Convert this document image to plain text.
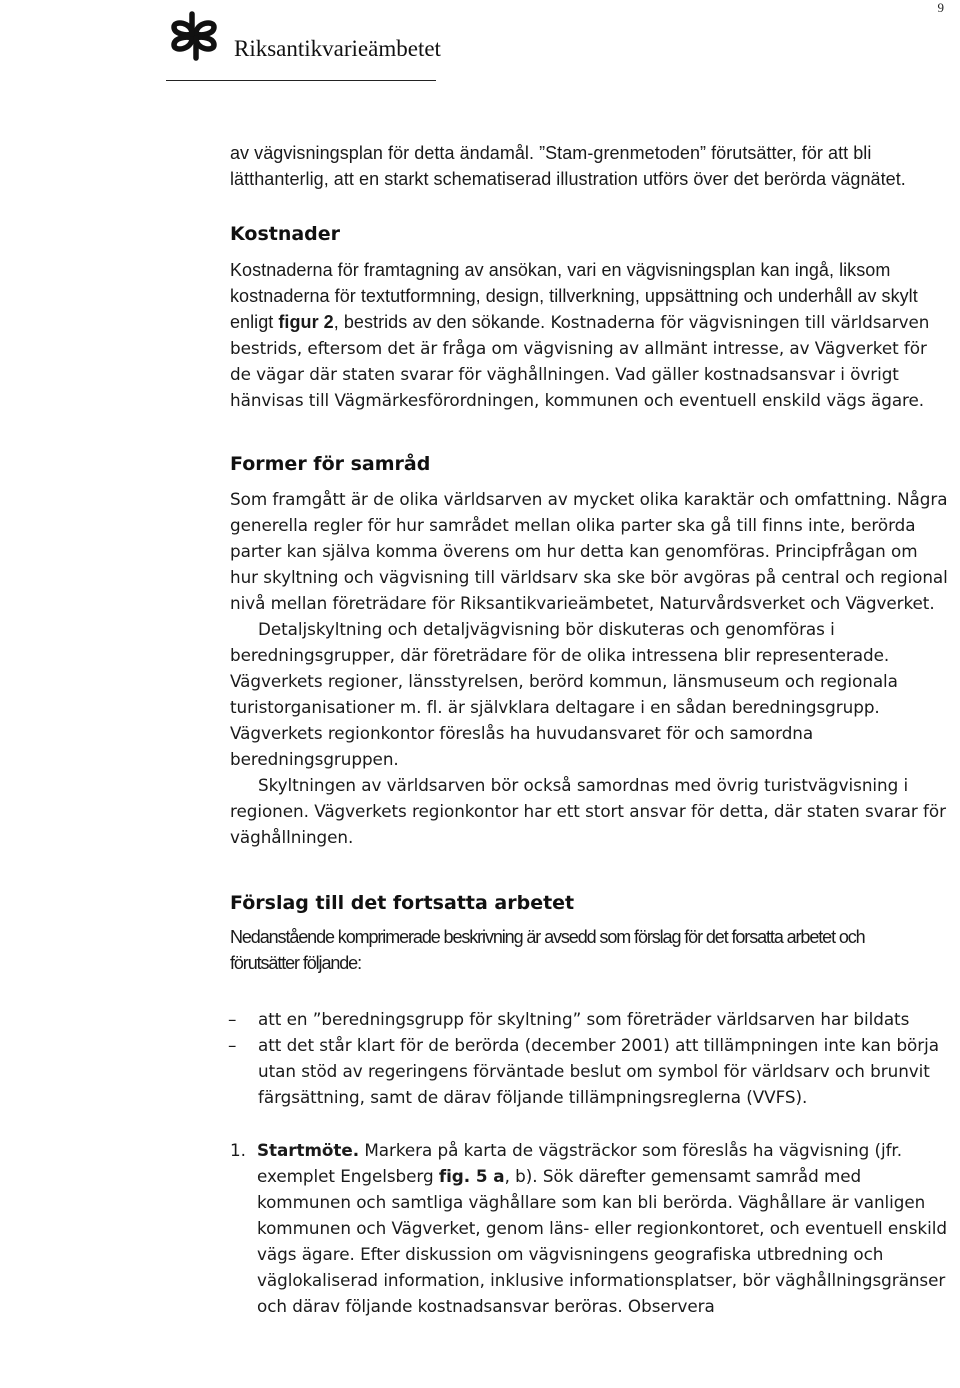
9
Riksantikvarieämbetet

av vägvisningsplan för detta ändamål. ”Stam-grenmetoden” förutsätter, för att bli lätthanterlig, att en starkt schematiserad illustration utförs över det berörda vägnätet.

Kostnader

Kostnaderna för framtagning av ansökan, vari en vägvisningsplan kan ingå, liksom kostnaderna för textutformning, design, tillverkning, uppsättning och underhåll av skylt enligt figur 2, bestrids av den sökande. Kostnaderna för vägvisningen till världsarven bestrids, eftersom det är fråga om vägvisning av allmänt intresse, av Vägverket för de vägar där staten svarar för väghållningen. Vad gäller kostnadsansvar i övrigt hänvisas till Vägmärkesförordningen, kommunen och eventuell enskild vägs ägare.

Former för samråd

Som framgått är de olika världsarven av mycket olika karaktär och omfattning. Några generella regler för hur samrådet mellan olika parter ska gå till finns inte, berörda parter kan själva komma överens om hur detta kan genomföras. Principfrågan om hur skyltning och vägvisning till världsarv ska ske bör avgöras på central och regional nivå mellan företrädare för Riksantikvarieämbetet, Naturvårdsverket och Vägverket.

Detaljskyltning och detaljvägvisning bör diskuteras och genomföras i beredningsgrupper, där företrädare för de olika intressena blir representerade. Vägverkets regioner, länsstyrelsen, berörd kommun, länsmuseum och regionala turistorganisationer m. fl. är självklara deltagare i en sådan beredningsgrupp. Vägverkets regionkontor föreslås ha huvudansvaret för och samordna beredningsgruppen.

Skyltningen av världsarven bör också samordnas med övrig turistvägvisning i regionen. Vägverkets regionkontor har ett stort ansvar för detta, där staten svarar för väghållningen.

Förslag till det fortsatta arbetet

Nedanstående komprimerade beskrivning är avsedd som förslag för det forsatta arbetet och förutsätter följande:

– att en ”beredningsgrupp för skyltning” som företräder världsarven har bildats
– att det står klart för de berörda (december 2001) att tillämpningen inte kan börja utan stöd av regeringens förväntade beslut om symbol för världsarv och brunvit färgsättning, samt de därav följande tillämpningsreglerna (VVFS).
1. Startmöte. Markera på karta de vägsträckor som föreslås ha vägvisning (jfr. exemplet Engelsberg fig. 5 a, b). Sök därefter gemensamt samråd med kommunen och samtliga väghållare som kan bli berörda. Väghållare är vanligen kommunen och Vägverket, genom läns- eller regionkontoret, och eventuell enskild vägs ägare. Efter diskussion om vägvisningens geografiska utbredning och väglokaliserad information, inklusive informationsplatser, bör väghållningsgränser och därav följande kostnadsansvar beröras. Observera
